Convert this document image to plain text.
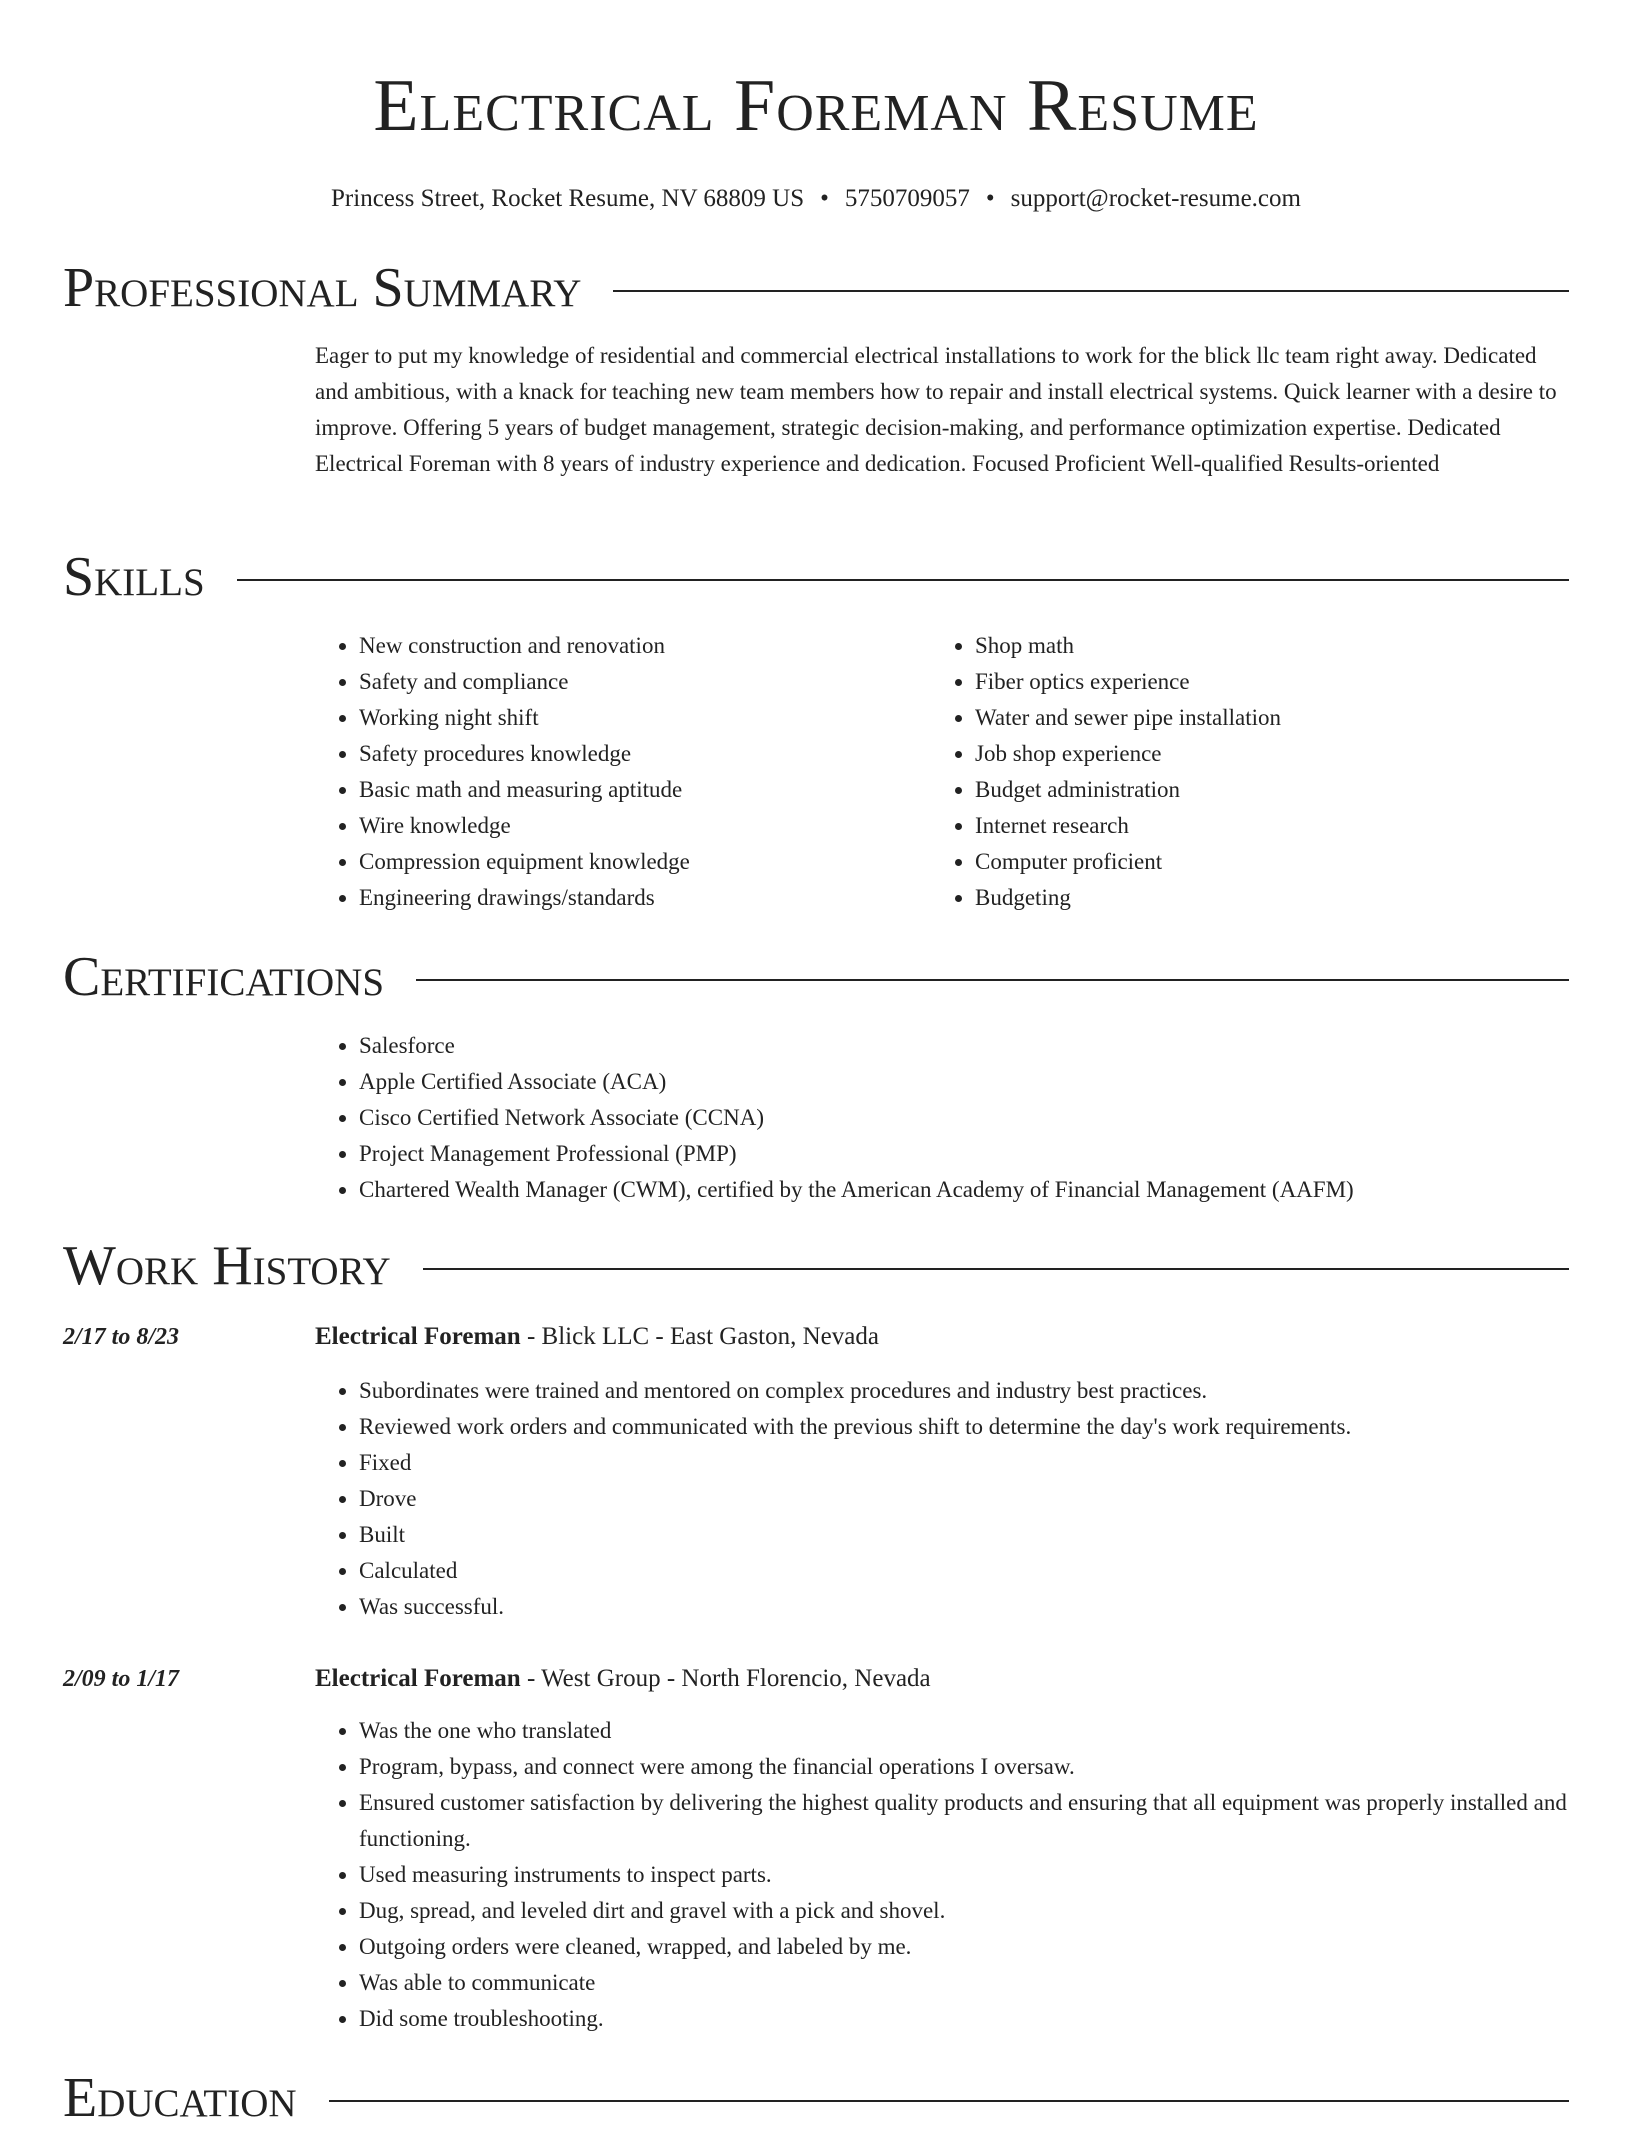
Electrical Foreman Resume
Princess Street, Rocket Resume, NV 68809 US • 5750709057 • support@rocket-resume.com
Professional Summary

Eager to put my knowledge of residential and commercial electrical installations to work for the blick llc team right away. Dedicated and ambitious, with a knack for teaching new team members how to repair and install electrical systems. Quick learner with a desire to improve. Offering 5 years of budget management, strategic decision-making, and performance optimization expertise. Dedicated Electrical Foreman with 8 years of industry experience and dedication. Focused Proficient Well-qualified Results-oriented

Skills
• New construction and renovation
• Safety and compliance
• Working night shift
• Safety procedures knowledge
• Basic math and measuring aptitude
• Wire knowledge
• Compression equipment knowledge
• Engineering drawings/standards
• Shop math
• Fiber optics experience
• Water and sewer pipe installation
• Job shop experience
• Budget administration
• Internet research
• Computer proficient
• Budgeting
Certifications
• Salesforce
• Apple Certified Associate (ACA)
• Cisco Certified Network Associate (CCNA)
• Project Management Professional (PMP)
• Chartered Wealth Manager (CWM), certified by the American Academy of Financial Management (AAFM)
Work History
2/17 to 8/23	Electrical Foreman - Blick LLC - East Gaston, Nevada
• Subordinates were trained and mentored on complex procedures and industry best practices.
• Reviewed work orders and communicated with the previous shift to determine the day's work requirements.
• Fixed
• Drove
• Built
• Calculated
• Was successful.
2/09 to 1/17	Electrical Foreman - West Group - North Florencio, Nevada
• Was the one who translated
• Program, bypass, and connect were among the financial operations I oversaw.
• Ensured customer satisfaction by delivering the highest quality products and ensuring that all equipment was properly installed and functioning.
• Used measuring instruments to inspect parts.
• Dug, spread, and leveled dirt and gravel with a pick and shovel.
• Outgoing orders were cleaned, wrapped, and labeled by me.
• Was able to communicate
• Did some troubleshooting.
Education
